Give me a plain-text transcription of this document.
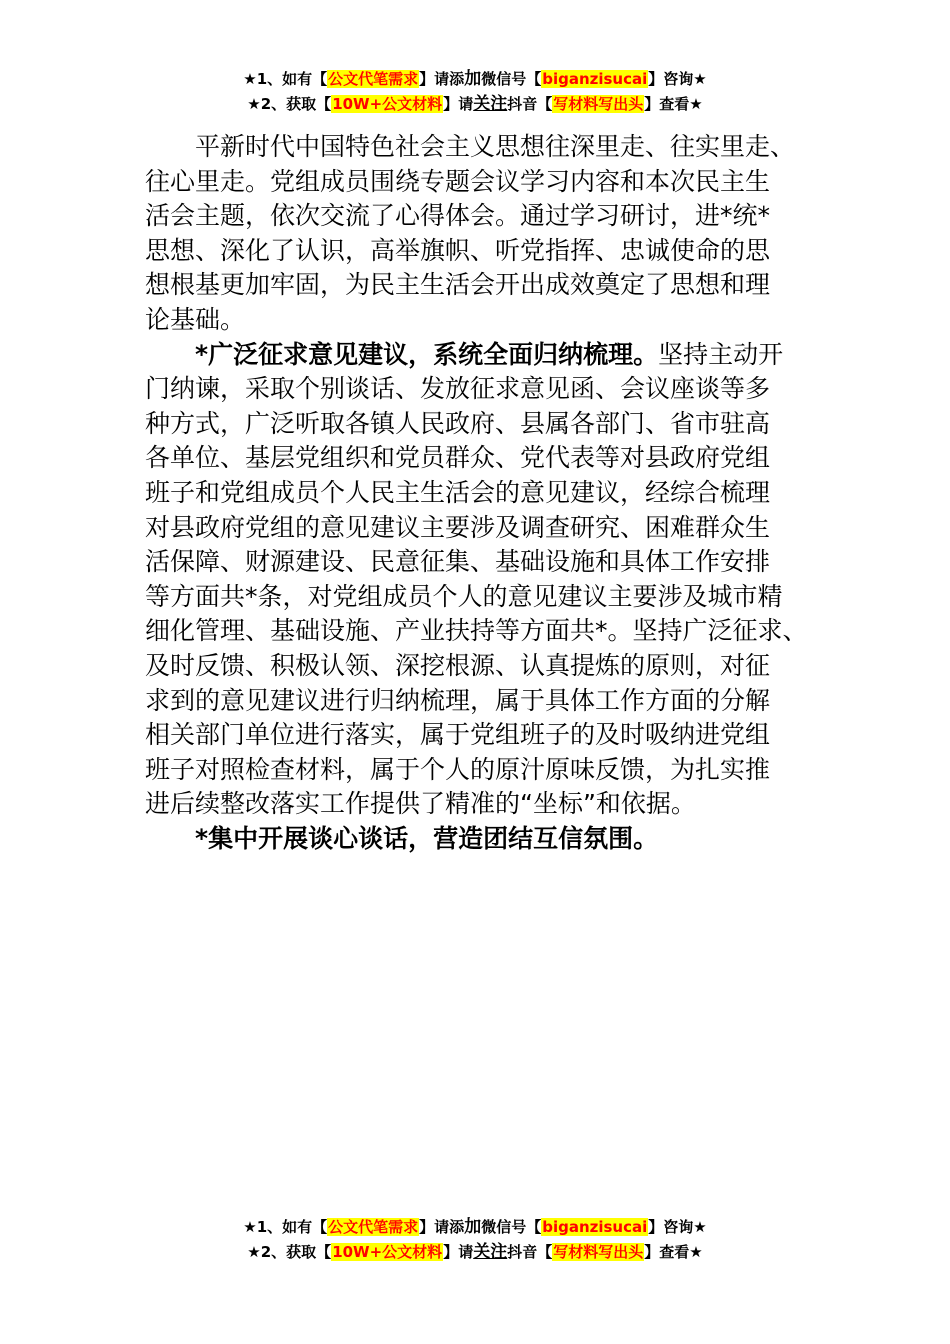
★1、如有【公文代笔需求】请添加微信号【biganzisucai】咨询★
★2、获取【10W+公文材料】请关注抖音【写材料写出头】查看★
平新时代中国特色社会主义思想往深里走、往实里走、
往心里走。党组成员围绕专题会议学习内容和本次民主生
活会主题，依次交流了心得体会。通过学习研讨，进*统*
思想、深化了认识，高举旗帜、听党指挥、忠诚使命的思
想根基更加牢固，为民主生活会开出成效奠定了思想和理
论基础。
*广泛征求意见建议，系统全面归纳梳理。坚持主动开
门纳谏，采取个别谈话、发放征求意见函、会议座谈等多
种方式，广泛听取各镇人民政府、县属各部门、省市驻高
各单位、基层党组织和党员群众、党代表等对县政府党组
班子和党组成员个人民主生活会的意见建议，经综合梳理
对县政府党组的意见建议主要涉及调查研究、困难群众生
活保障、财源建设、民意征集、基础设施和具体工作安排
等方面共*条，对党组成员个人的意见建议主要涉及城市精
细化管理、基础设施、产业扶持等方面共*。坚持广泛征求、
及时反馈、积极认领、深挖根源、认真提炼的原则，对征
求到的意见建议进行归纳梳理，属于具体工作方面的分解
相关部门单位进行落实，属于党组班子的及时吸纳进党组
班子对照检查材料，属于个人的原汁原味反馈，为扎实推
进后续整改落实工作提供了精准的“坐标”和依据。
*集中开展谈心谈话，营造团结互信氛围。
★1、如有【公文代笔需求】请添加微信号【biganzisucai】咨询★
★2、获取【10W+公文材料】请关注抖音【写材料写出头】查看★
